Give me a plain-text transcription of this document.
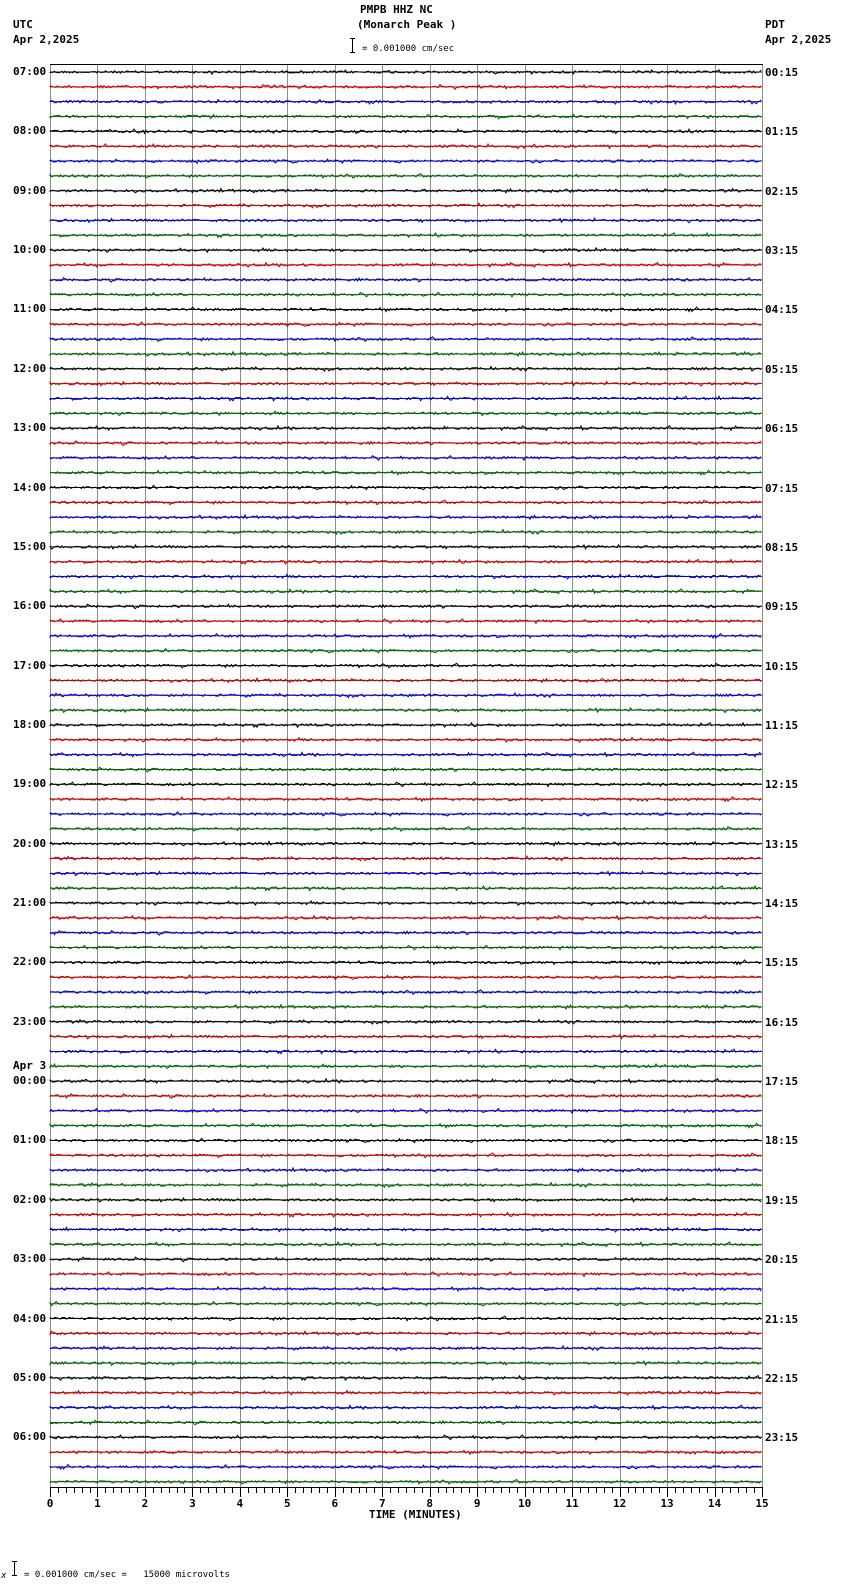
PMPB HHZ NC
(Monarch Peak )
UTC
Apr 2,2025
PDT
Apr 2,2025
= 0.001000 cm/sec
07:00
08:00
09:00
10:00
11:00
12:00
13:00
14:00
15:00
16:00
17:00
18:00
19:00
20:00
21:00
22:00
23:00
Apr 3
00:00
01:00
02:00
03:00
04:00
05:00
06:00
00:15
01:15
02:15
03:15
04:15
05:15
06:15
07:15
08:15
09:15
10:15
11:15
12:15
13:15
14:15
15:15
16:15
17:15
18:15
19:15
20:15
21:15
22:15
23:15
0	1	2	3	4	5	6	7	8	9	10	11	12	13	14	15
TIME (MINUTES)
x = 0.001000 cm/sec =   15000 microvolts
